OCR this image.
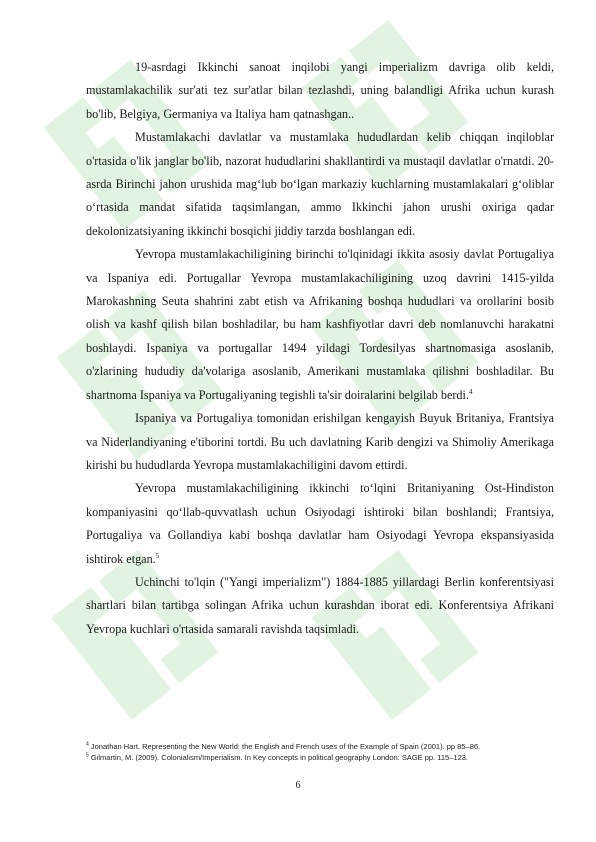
19-asrdagi Ikkinchi sanoat inqilobi yangi imperializm davriga olib keldi, mustamlakachilik sur'ati tez sur'atlar bilan tezlashdi, uning balandligi Afrika uchun kurash bo'lib, Belgiya, Germaniya va Italiya ham qatnashgan..

Mustamlakachi davlatlar va mustamlaka hududlardan kelib chiqqan inqiloblar o'rtasida o'lik janglar bo'lib, nazorat hududlarini shakllantirdi va mustaqil davlatlar o'rnatdi. 20-asrda Birinchi jahon urushida mag‘lub bo‘lgan markaziy kuchlarning mustamlakalari g‘oliblar o‘rtasida mandat sifatida taqsimlangan, ammo Ikkinchi jahon urushi oxiriga qadar dekolonizatsiyaning ikkinchi bosqichi jiddiy tarzda boshlangan edi.

Yevropa mustamlakachiligining birinchi to'lqinidagi ikkita asosiy davlat Portugaliya va Ispaniya edi. Portugallar Yevropa mustamlakachiligining uzoq davrini 1415-yilda Marokashning Seuta shahrini zabt etish va Afrikaning boshqa hududlari va orollarini bosib olish va kashf qilish bilan boshladilar, bu ham kashfiyotlar davri deb nomlanuvchi harakatni boshlaydi. Ispaniya va portugallar 1494 yildagi Tordesilyas shartnomasiga asoslanib, o'zlarining hududiy da'volariga asoslanib, Amerikani mustamlaka qilishni boshladilar. Bu shartnoma Ispaniya va Portugaliyaning tegishli ta'sir doiralarini belgilab berdi.$^4$

Ispaniya va Portugaliya tomonidan erishilgan kengayish Buyuk Britaniya, Frantsiya va Niderlandiyaning e'tiborini tortdi. Bu uch davlatning Karib dengizi va Shimoliy Amerikaga kirishi bu hududlarda Yevropa mustamlakachiligini davom ettirdi.

Yevropa mustamlakachiligining ikkinchi to‘lqini Britaniyaning Ost-Hindiston kompaniyasini qo‘llab-quvvatlash uchun Osiyodagi ishtiroki bilan boshlandi; Frantsiya, Portugaliya va Gollandiya kabi boshqa davlatlar ham Osiyodagi Yevropa ekspansiyasida ishtirok etgan.$^5$

Uchinchi to'lqin ("Yangi imperializm") 1884-1885 yillardagi Berlin konferentsiyasi shartlari bilan tartibga solingan Afrika uchun kurashdan iborat edi. Konferentsiya Afrikani Yevropa kuchlari o'rtasida samarali ravishda taqsimladi.

$^4$ Jonathan Hart. Representing the New World: the English and French uses of the Example of Spain (2001). pp 85–86.

$^5$ Gilmartin, M. (2009). Colonialism/Imperialism. In Key concepts in political geography London: SAGE pp. 115–123.

6
